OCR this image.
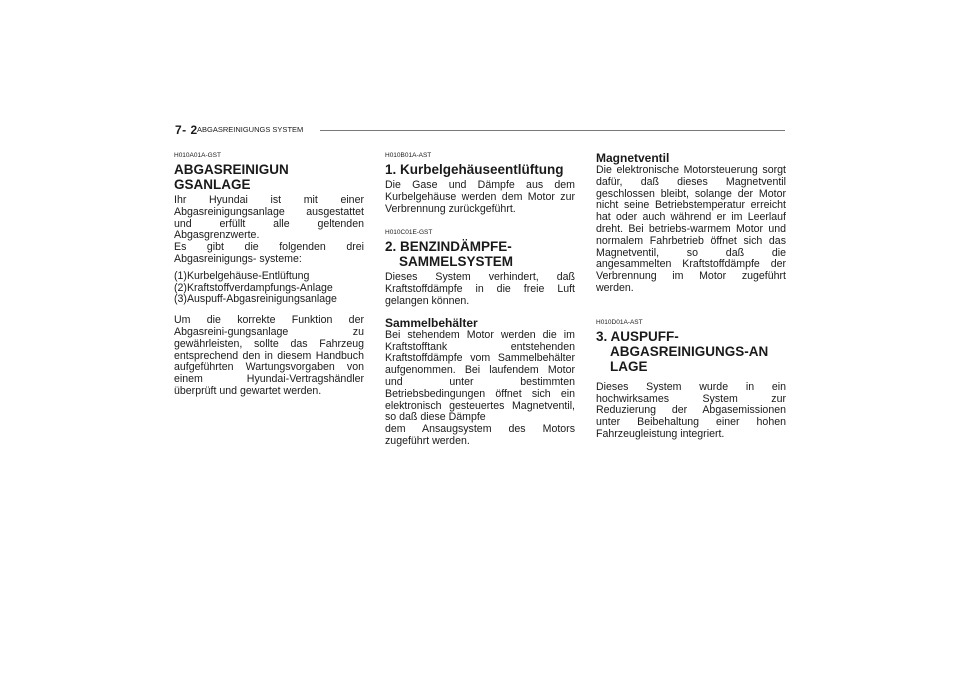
7- 2 ABGASREINIGUNGS SYSTEM
H010A01A-GST
ABGASREINIGUN
GSANLAGE

Ihr Hyundai ist mit einer Abgasreinigungsanlage ausgestattet und erfüllt alle geltenden Abgasgrenzwerte.

Es gibt die folgenden drei Abgasreinigungs- systeme:

(1)Kurbelgehäuse-Entlüftung

(2)Kraftstoffverdampfungs-Anlage

(3)Auspuff-Abgasreinigungsanlage

Um die korrekte Funktion der Abgasreini-gungsanlage zu gewährleisten, sollte das Fahrzeug entsprechend den in diesem Handbuch aufgeführten Wartungsvorgaben von einem Hyundai-Vertragshändler überprüft und gewartet werden.

H010B01A-AST
1. Kurbelgehäuseentlüftung

Die Gase und Dämpfe aus dem Kurbelgehäuse werden dem Motor zur Verbrennung zurückgeführt.

H010C01E-GST
2. BENZINDÄMPFE-
SAMMELSYSTEM

Dieses System verhindert, daß Kraftstoffdämpfe in die freie Luft gelangen können.

Sammelbehälter

Bei stehendem Motor werden die im Kraftstofftank entstehenden Kraftstoffdämpfe vom Sammelbehälter aufgenommen. Bei laufendem Motor und unter bestimmten Betriebsbedingungen öffnet sich ein elektronisch gesteuertes Magnetventil, so daß diese Dämpfe

dem Ansaugsystem des Motors zugeführt werden.

Magnetventil

Die elektronische Motorsteuerung sorgt dafür, daß dieses Magnetventil geschlossen bleibt, solange der Motor nicht seine Betriebstemperatur erreicht hat oder auch während er im Leerlauf dreht. Bei betriebs-warmem Motor und normalem Fahrbetrieb öffnet sich das Magnetventil, so daß die angesammelten Kraftstoffdämpfe der Verbrennung im Motor zugeführt werden.

H010D01A-AST
3. AUSPUFF-
ABGASREINIGUNGS-AN
LAGE

Dieses System wurde in ein hochwirksames System zur Reduzierung der Abgasemissionen unter Beibehaltung einer hohen Fahrzeugleistung integriert.
